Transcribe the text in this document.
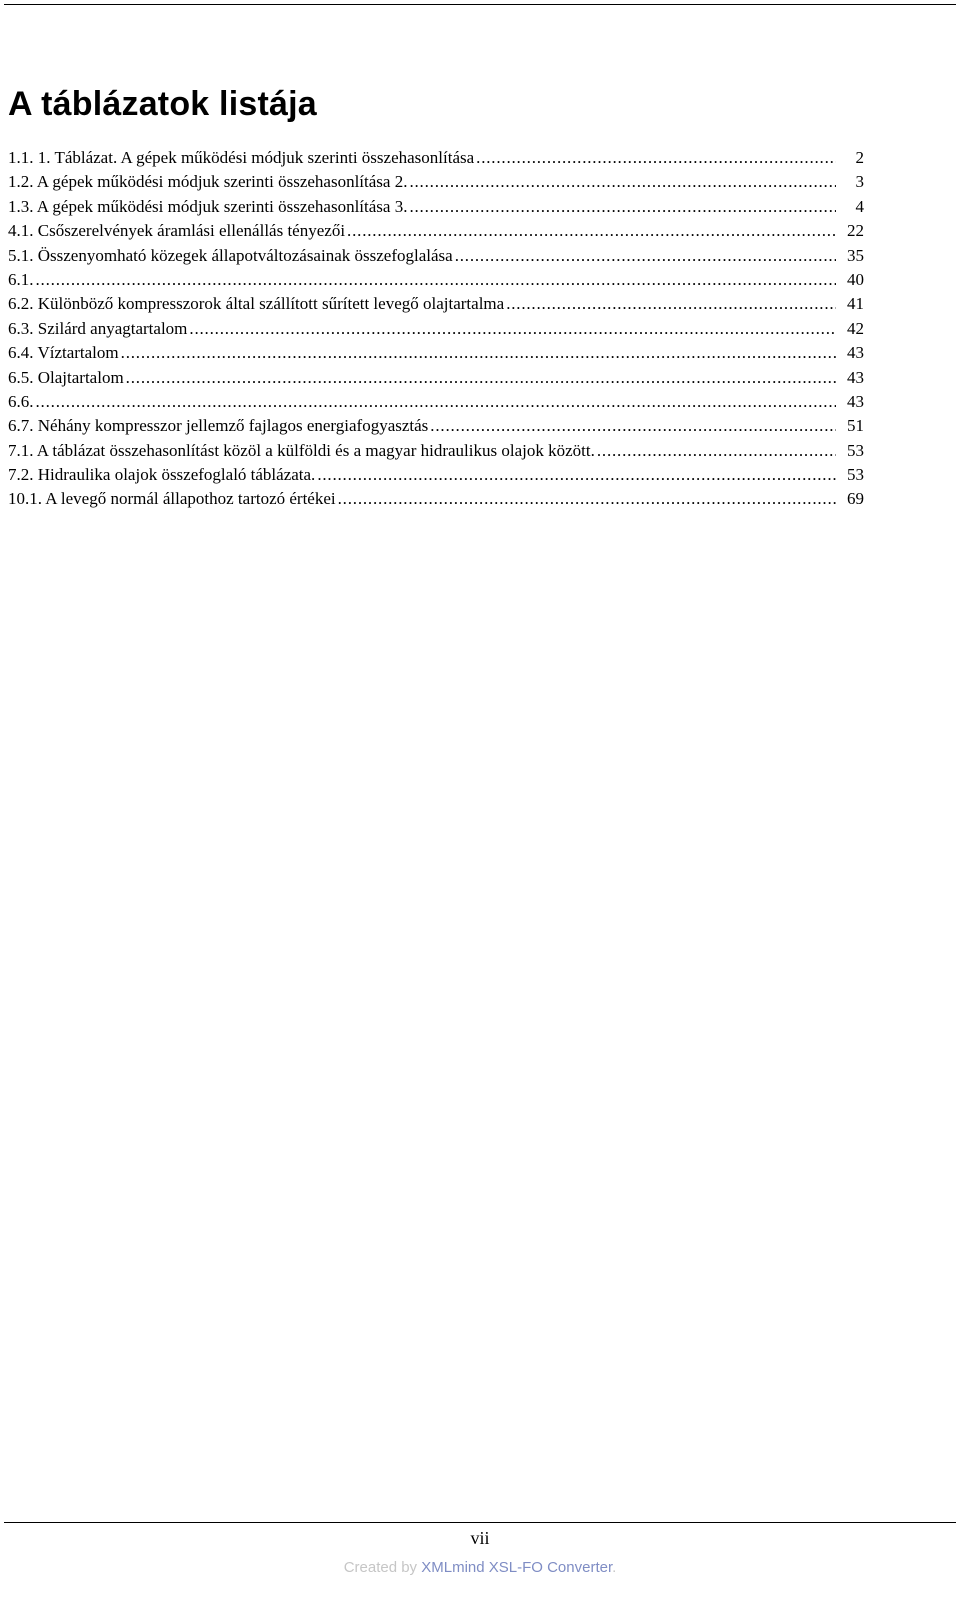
A táblázatok listája
1.1. 1. Táblázat. A gépek működési módjuk szerinti összehasonlítása .....	2
1.2. A gépek működési módjuk szerinti összehasonlítása 2. .....	3
1.3. A gépek működési módjuk szerinti összehasonlítása 3. .....	4
4.1. Csőszerelvények áramlási ellenállás tényezői .....	22
5.1. Összenyomható közegek állapotváltozásainak összefoglalása .....	35
6.1. .....	40
6.2. Különböző kompresszorok által szállított sűrített levegő olajtartalma .....	41
6.3. Szilárd anyagtartalom .....	42
6.4. Víztartalom .....	43
6.5. Olajtartalom .....	43
6.6. .....	43
6.7. Néhány kompresszor jellemző fajlagos energiafogyasztás .....	51
7.1. A táblázat összehasonlítást közöl a külföldi és a magyar hidraulikus olajok között. .....	53
7.2. Hidraulika olajok összefoglaló táblázata. .....	53
10.1. A levegő normál állapothoz tartozó értékei .....	69
vii
Created by XMLmind XSL-FO Converter.
